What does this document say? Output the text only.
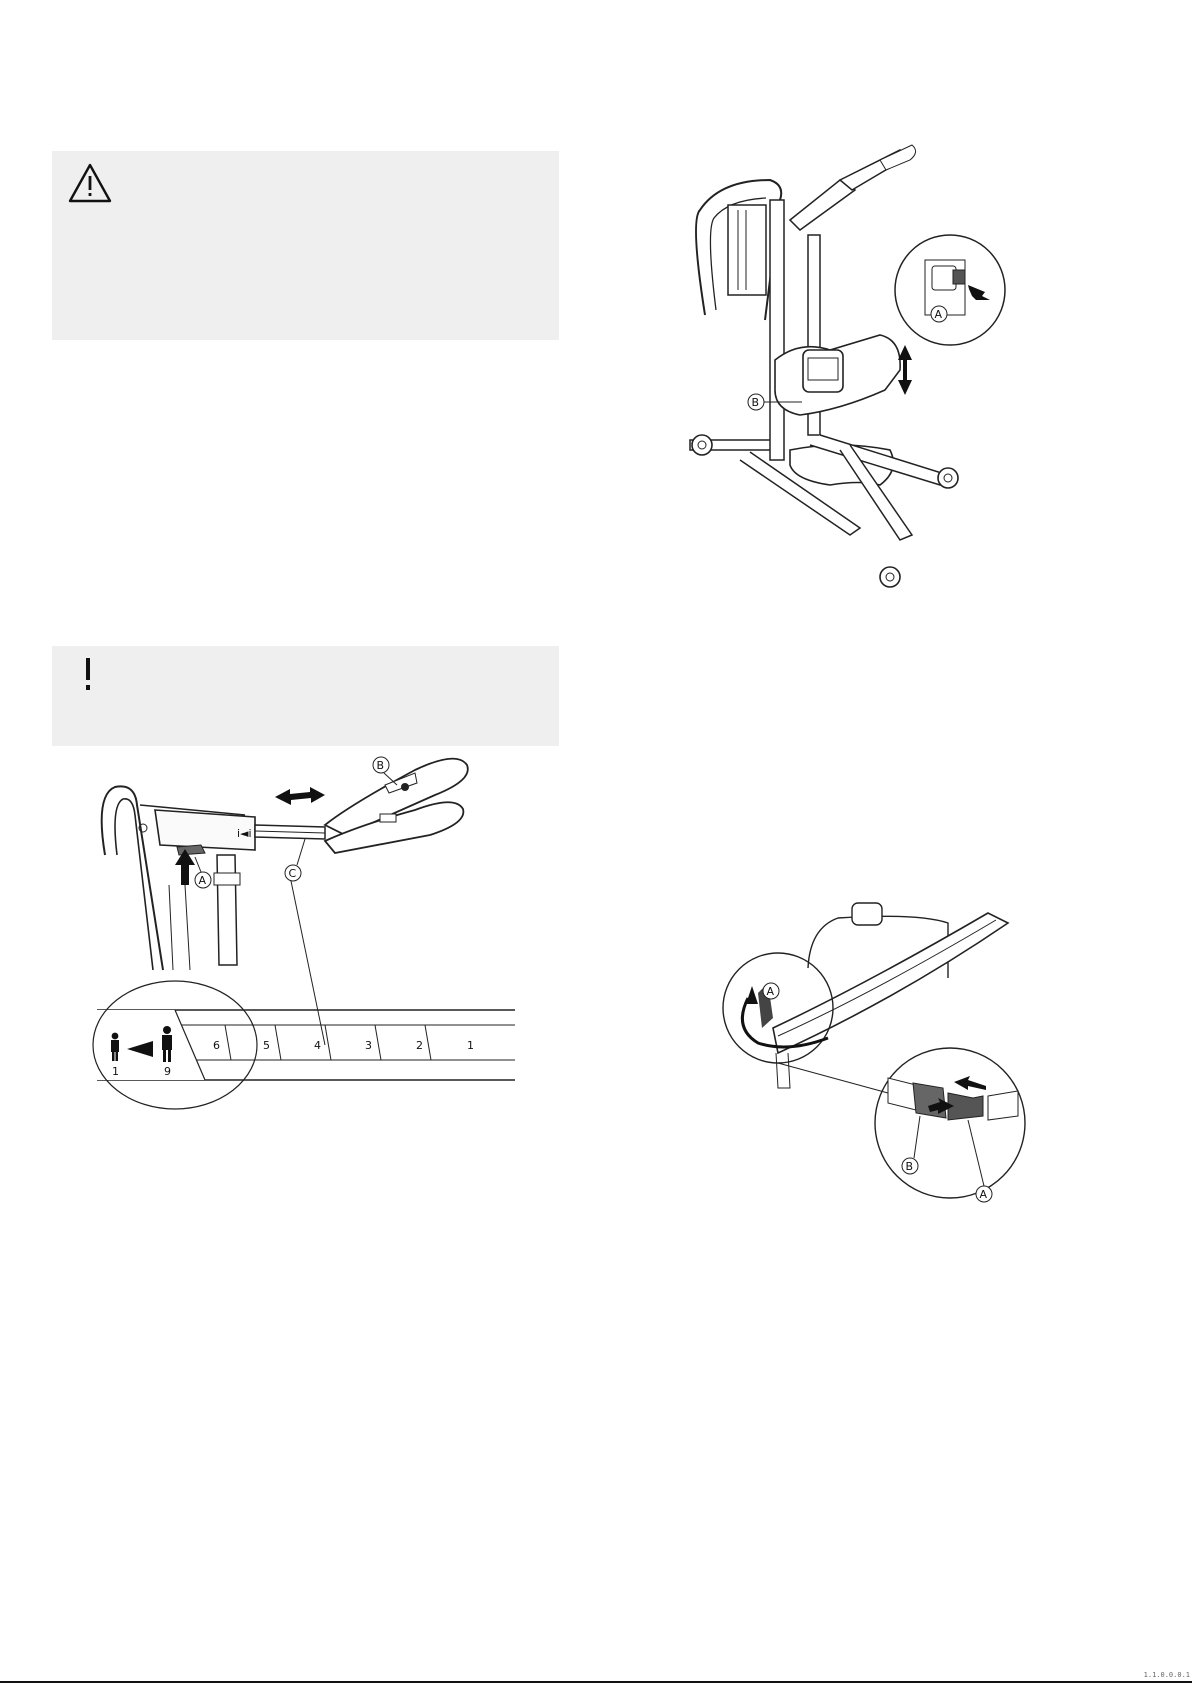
i◄i
B
A
C
6	5	4	3	2	1
1	9
A
B
A
B
A
1.1.0.0.0.1
